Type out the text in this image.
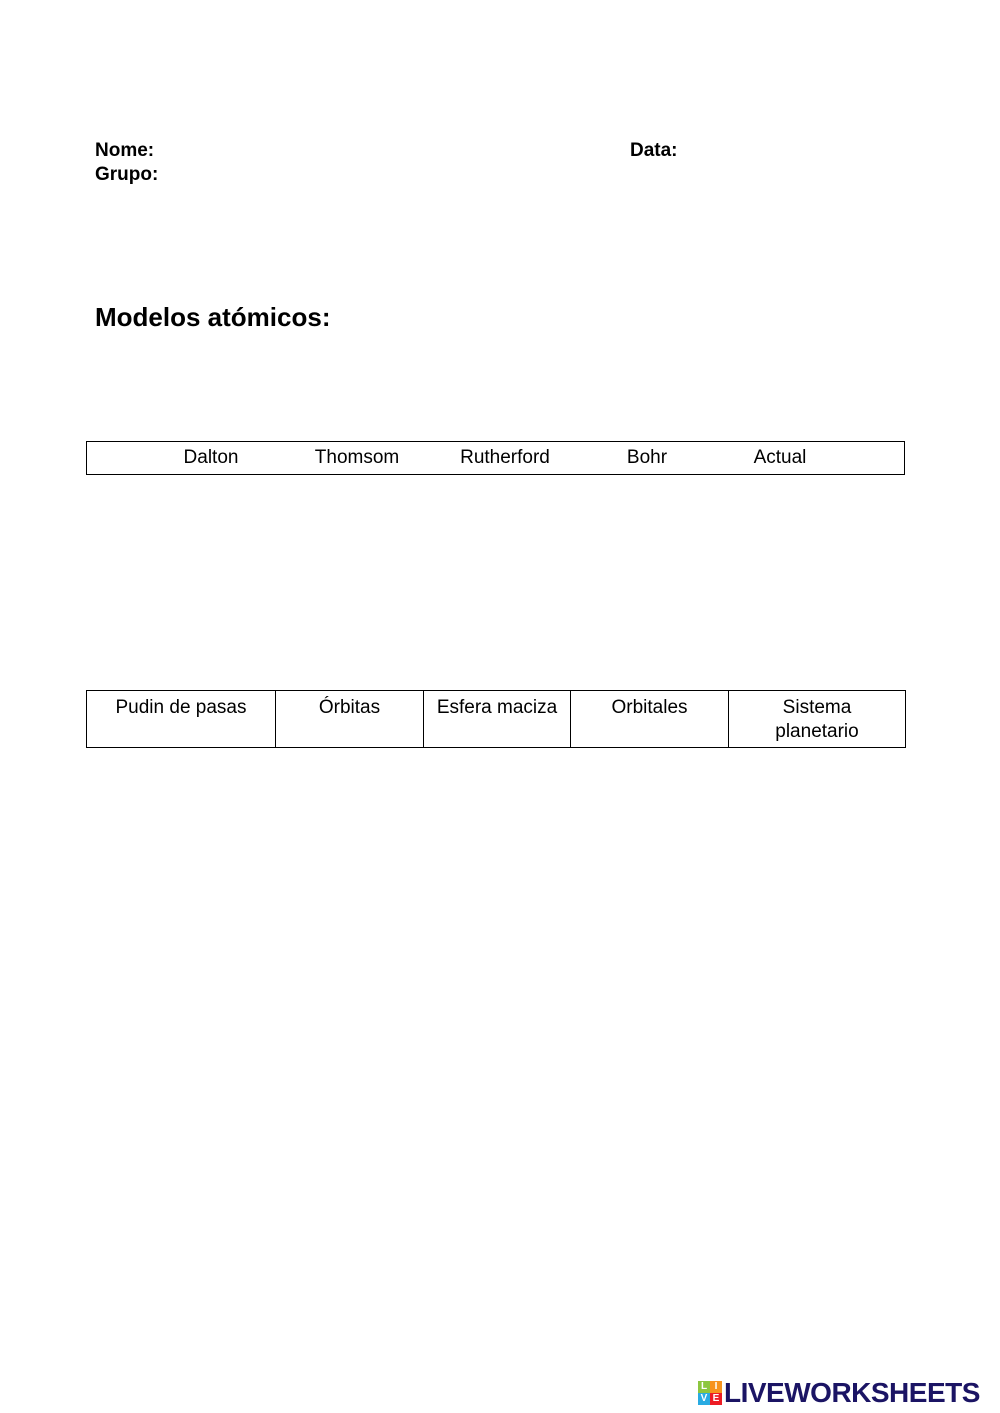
Nome:
Grupo:
Data:
Modelos atómicos:
Dalton	Thomsom	Rutherford	Bohr	Actual
Pudin de pasas	Órbitas	Esfera maciza	Orbitales	Sistema planetario
L I
V E LIVEWORKSHEETS
